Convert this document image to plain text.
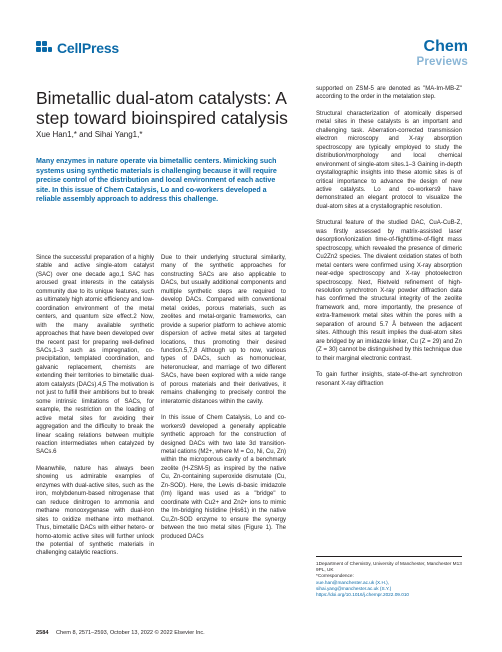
CellPress	Chem
Previews
Bimetallic dual-atom catalysts: A step toward bioinspired catalysis
Xue Han1,* and Sihai Yang1,*
Many enzymes in nature operate via bimetallic centers. Mimicking such systems using synthetic materials is challenging because it will require precise control of the distribution and local environment of each active site. In this issue of Chem Catalysis, Lo and co-workers developed a reliable assembly approach to address this challenge.

Since the successful preparation of a highly stable and active single-atom catalyst (SAC) over one decade ago,1 SAC has aroused great interests in the catalysis community due to its unique features, such as ultimately high atomic efficiency and low-coordination environment of the metal centers, and quantum size effect.2 Now, with the many available synthetic approaches that have been developed over the recent past for preparing well-defined SACs,1–3 such as impregnation, co-precipitation, templated coordination, and galvanic replacement, chemists are extending their territories to bimetallic dual-atom catalysts (DACs).4,5 The motivation is not just to fulfill their ambitions but to break some intrinsic limitations of SACs, for example, the restriction on the loading of active metal sites for avoiding their aggregation and the difficulty to break the linear scaling relations between multiple reaction intermediates when catalyzed by SACs.6

Meanwhile, nature has always been showing us admirable examples of enzymes with dual-active sites, such as the iron, molybdenum-based nitrogenase that can reduce dinitrogen to ammonia and methane monooxygenase with dual-iron sites to oxidize methane into methanol. Thus, bimetallic DACs with either hetero- or homo-atomic active sites will further unlock the potential of synthetic materials in challenging catalytic reactions.

Due to their underlying structural similarity, many of the synthetic approaches for constructing SACs are also applicable to DACs, but usually additional components and multiple synthetic steps are required to develop DACs. Compared with conventional metal oxides, porous materials, such as zeolites and metal-organic frameworks, can provide a superior platform to achieve atomic dispersion of active metal sites at targeted locations, thus promoting their desired function.5,7,8 Although up to now, various types of DACs, such as homonuclear, heteronuclear, and marriage of two different SACs, have been explored with a wide range of porous materials and their derivatives, it remains challenging to precisely control the interatomic distances within the cavity.

In this issue of Chem Catalysis, Lo and co-workers9 developed a generally applicable synthetic approach for the construction of designed DACs with two late 3d transition-metal cations (M2+, where M = Co, Ni, Cu, Zn) within the microporous cavity of a benchmark zeolite (H-ZSM-5) as inspired by the native Cu, Zn-containing superoxide dismutate (Cu, Zn-SOD). Here, the Lewis di-basic imidazole (Im) ligand was used as a "bridge" to coordinate with Cu2+ and Zn2+ ions to mimic the Im-bridging histidine (His61) in the native Cu,Zn-SOD enzyme to ensure the synergy between the two metal sites (Figure 1). The produced DACs

supported on ZSM-5 are denoted as "MA-Im-MB-Z" according to the order in the metalation step.

Structural characterization of atomically dispersed metal sites in these catalysts is an important and challenging task. Aberration-corrected transmission electron microscopy and X-ray absorption spectroscopy are typically employed to study the distribution/morphology and local chemical environment of single-atom sites.1–3 Gaining in-depth crystallographic insights into these atomic sites is of critical importance to advance the design of new active catalysts. Lo and co-workers9 have demonstrated an elegant protocol to visualize the dual-atom sites at a crystallographic resolution.

Structural feature of the studied DAC, CuA-CuB-Z, was firstly assessed by matrix-assisted laser desorption/ionization time-of-flight/time-of-flight mass spectroscopy, which revealed the presence of dimeric Cu2Zn2 species. The divalent oxidation states of both metal centers were confirmed using X-ray absorption near-edge spectroscopy and X-ray photoelectron spectroscopy. Next, Rietveld refinement of high-resolution synchrotron X-ray powder diffraction data has confirmed the structural integrity of the zeolite framework and, more importantly, the presence of extra-framework metal sites within the pores with a separation of around 5.7 Å between the adjacent sites. Although this result implies the dual-atom sites are bridged by an imidazole linker, Cu (Z = 29) and Zn (Z = 30) cannot be distinguished by this technique due to their marginal electronic contrast.

To gain further insights, state-of-the-art synchrotron resonant X-ray diffraction

1Department of Chemistry, University of Manchester, Manchester M13 9PL, UK
*Correspondence:
xue.han@manchester.ac.uk (X.H.),
sihai.yang@manchester.ac.uk (S.Y.)
https://doi.org/10.1016/j.chempr.2022.09.010
2584 Chem 8, 2571–2593, October 13, 2022 © 2022 Elsevier Inc.
